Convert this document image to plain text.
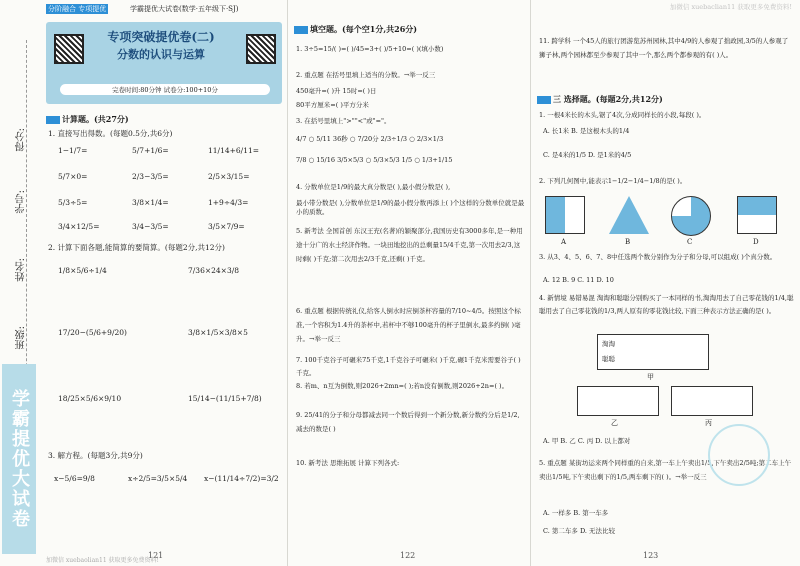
得分:
学号:
姓名:
班级:
学霸提优大试卷
分阶融合 专项提优	学霸提优大试卷(数学·五年级下·SJ)
专项突破提优卷(二)
分数的认识与运算
完卷时间:80分钟 试卷分:100+10分
计算题。(共27分)
1. 直接写出得数。(每题0.5分,共6分)
1−1/7=	5/7+1/6=	11/14+6/11=
5/7×0=	2/3−3/5=	2/5×3/15=
5/3÷5=	3/8×1/4=	1+9÷4/3=
3/4×12/5=	3/4−3/5=	3/5×7/9=
2. 计算下面各题,能简算的要简算。(每题2分,共12分)
1/8×5/6÷1/4	7/36×24×3/8
17/20−(5/6+9/20)	3/8×1/5×3/8×5
18/25×5/6×9/10	15/14−(11/15+7/8)
3. 解方程。(每题3分,共9分)
x−5/6=9/8	x÷2/5=3/5×5/4 x−(11/14÷7/2)=3/2
121
加微信 xuebaolian11 获取更多免费资料!
填空题。(每个空1分,共26分)
1. 3÷5=15/( )=( )/45=3+( )/5+10=( )(填小数)
2. 重点题 在括号里填上适当的分数。→举一反三
450毫升=( )升 15时=( )日
80平方厘米=( )平方分米
3. 在括号里填上">""<"或"="。
4/7 ○ 5/11 36秒 ○ 7/20分 2/3÷1/3 ○ 2/3×1/3
7/8 ○ 15/16 3/5×5/3 ○ 5/3×5/3 1/5 ○ 1/3+1/15
4. 分数单位是1/9的最大真分数是( ),最小假分数是( ),
最小带分数是( ),分数单位是1/9的最小假分数再添上( )个这样的分数单位就是最小的质数。
5. 新考法 全国首创 东汉王充(名著)的颖聚部分,我国历史有3000多年,是一种用途十分广的水土经济作物。一块田地挖出的总剩量15/4千克,第一次用去2/3,这时剩( )千克;第二次用去2/3千克,还剩( )千克。
6. 重点题 根据传统礼仪,给客人倒水时应倒茶杯容量的7/10~4/5。按照这个标准,一个容积为1.4升的茶杯中,若杯中不够100毫升的杯子里倒水,最多约倒( )毫升。→举一反三
7. 100千克谷子可碾米75千克,1千克谷子可碾米( )千克,碾1千克米需要谷子( )千克。
8. 若m、n互为倒数,则2026+2mn=( );若n没有倒数,则2026+2n=( )。
9. 25/41的分子和分母都减去同一个数后得到一个新分数,新分数约分后是1/2,减去的数是( )
10. 新考法 思维拓展 计算下列各式:
122
加微信 xuebaclian11 获取更多免费资料!
11. 跨学科 一个45人的旅行团游览苏州园林,其中4/9的人参观了拙政园,3/5的人参观了狮子林,两个园林都至少参观了其中一个,那么两个都参观的有( )人。
三 选择题。(每题2分,共12分)
1. 一根4米长的木头,锯了4次,分成同样长的小段,每段( )。
A. 长1米 B. 是这根木头的1/4
C. 是4米的1/5 D. 是1米的4/5
2. 下列几何图中,能表示1−1/2−1/4−1/8的是( )。
A	B	C	D
3. 从3、4、5、6、7、8中任选两个数分别作为分子和分母,可以组成( )个真分数。
A. 12 B. 9 C. 11 D. 10
4. 新情境 易错易混 淘淘和聪聪分别购买了一本同样的书,淘淘用去了自己零花钱的1/4,聪聪用去了自己零花钱的1/3,两人原有的零花钱比较,下面三种表示方法正确的是( )。
淘淘
聪聪
甲
乙	丙
A. 甲 B. 乙 C. 丙 D. 以上都对
5. 重点题 某街坊运来两个同样重的自来,第一车上午卖出1/5,下午卖出2/5吨;第二车上午卖出1/5吨,下午卖出剩下的1/5,两车剩下的( )。→举一反三
A. 一样多 B. 第一车多
C. 第二车多 D. 无法比较
123
